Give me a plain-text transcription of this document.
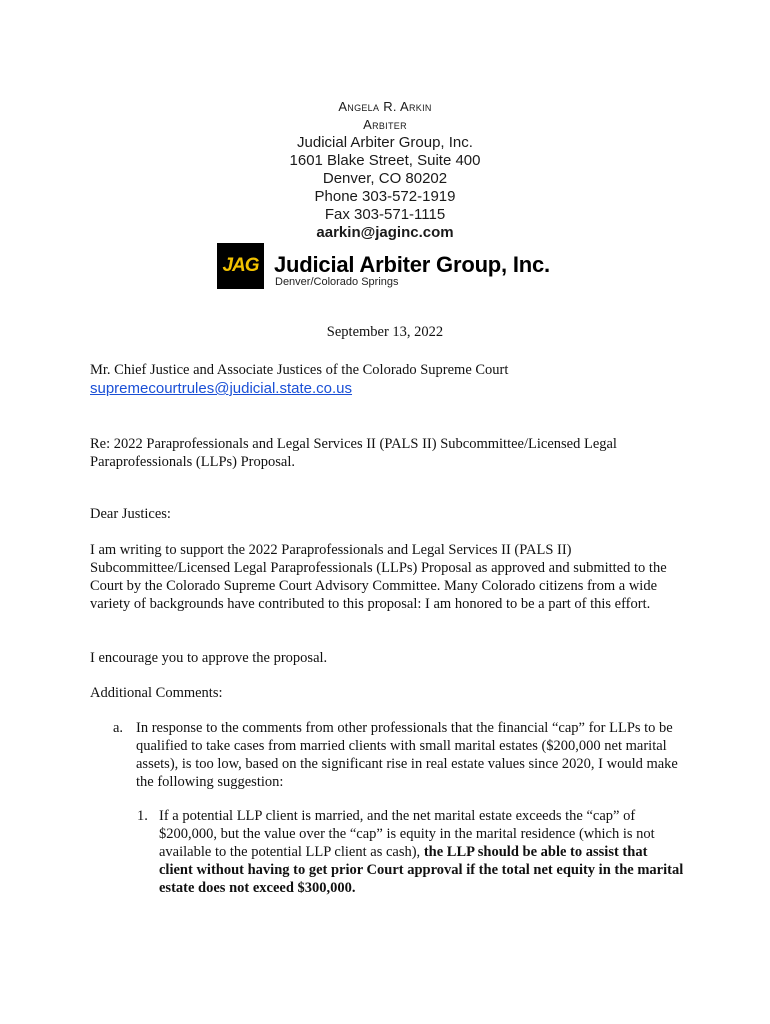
Angela R. Arkin
Arbiter
Judicial Arbiter Group, Inc.
1601 Blake Street, Suite 400
Denver, CO 80202
Phone 303-572-1919
Fax 303-571-1115
aarkin@jaginc.com
JAG Judicial Arbiter Group, Inc.
Denver/Colorado Springs
September 13, 2022
Mr. Chief Justice and Associate Justices of the Colorado Supreme Court
supremecourtrules@judicial.state.co.us

Re: 2022 Paraprofessionals and Legal Services II (PALS II) Subcommittee/Licensed Legal Paraprofessionals (LLPs) Proposal.

Dear Justices:

I am writing to support the 2022 Paraprofessionals and Legal Services II (PALS II) Subcommittee/Licensed Legal Paraprofessionals (LLPs) Proposal as approved and submitted to the Court by the Colorado Supreme Court Advisory Committee. Many Colorado citizens from a wide variety of backgrounds have contributed to this proposal: I am honored to be a part of this effort.

I encourage you to approve the proposal.

Additional Comments:

a. In response to the comments from other professionals that the financial “cap” for LLPs to be qualified to take cases from married clients with small marital estates ($200,000 net marital assets), is too low, based on the significant rise in real estate values since 2020, I would make the following suggestion:
1. If a potential LLP client is married, and the net marital estate exceeds the “cap” of $200,000, but the value over the “cap” is equity in the marital residence (which is not available to the potential LLP client as cash), the LLP should be able to assist that client without having to get prior Court approval if the total net equity in the marital estate does not exceed $300,000.
